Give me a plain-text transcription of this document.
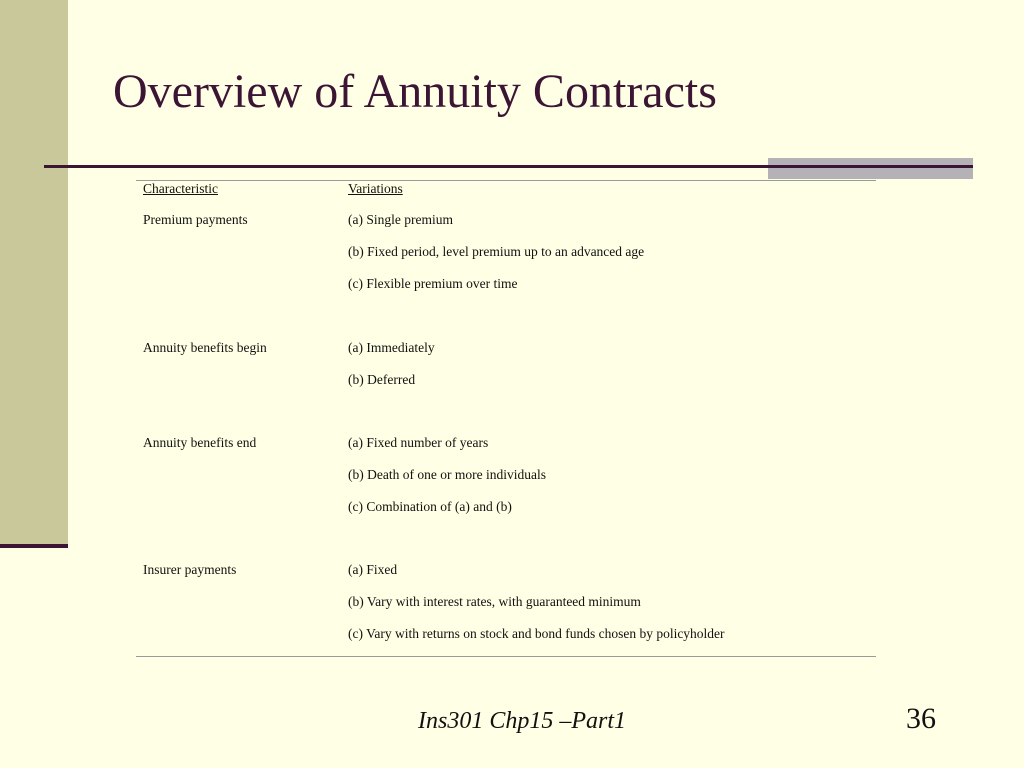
Overview of Annuity Contracts
Characteristic	Variations
Premium payments	(a) Single premium
(b) Fixed period, level premium up to an advanced age
(c) Flexible premium over time
Annuity benefits begin	(a) Immediately
(b) Deferred
Annuity benefits end	(a) Fixed number of years
(b) Death of one or more individuals
(c) Combination of (a) and (b)
Insurer payments	(a) Fixed
(b) Vary with interest rates, with guaranteed minimum
(c) Vary with returns on stock and bond funds chosen by policyholder
Ins301 Chp15 –Part1	36
